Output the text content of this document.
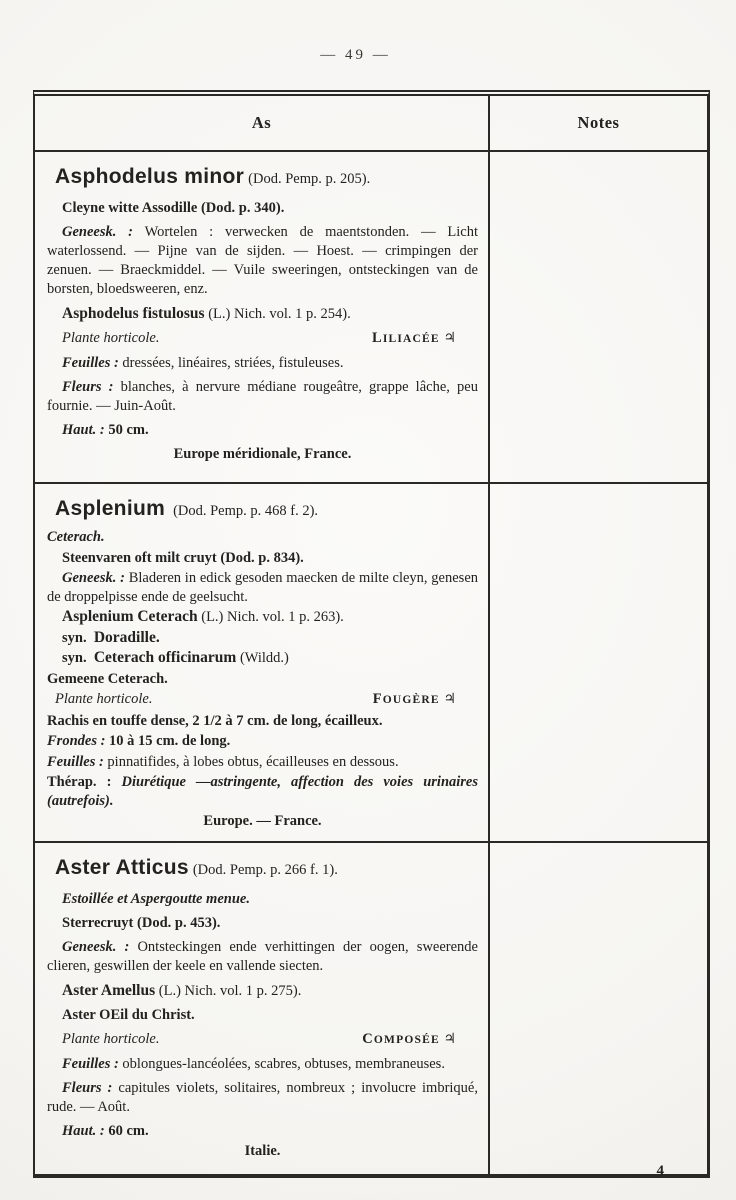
— 49 —
As	Notes

Asphodelus minor (Dod. Pemp. p. 205).

Cleyne witte Assodille (Dod. p. 340).

Geneesk. : Wortelen : verwecken de maentstonden. — Licht waterlossend. — Pijne van de sijden. — Hoest. — crimpingen der zenuen. — Braeckmiddel. — Vuile sweeringen, ontsteckingen van de borsten, bloedsweeren, enz.

Asphodelus fistulosus (L.) Nich. vol. 1 p. 254).

Plante horticole.	LILIACÉE ♃

Feuilles : dressées, linéaires, striées, fistuleuses.

Fleurs : blanches, à nervure médiane rougeâtre, grappe lâche, peu fournie. — Juin-Août.

Haut. : 50 cm.

Europe méridionale, France.

Asplenium (Dod. Pemp. p. 468 f. 2).

Ceterach.

Steenvaren oft milt cruyt (Dod. p. 834).

Geneesk. : Bladeren in edick gesoden maecken de milte cleyn, genesen de droppelpisse ende de geelsucht.

Asplenium Ceterach (L.) Nich. vol. 1 p. 263).

syn. Doradille.

syn. Ceterach officinarum (Wildd.)

Gemeene Ceterach.

Plante horticole.	FOUGÈRE ♃

Rachis en touffe dense, 2 1/2 à 7 cm. de long, écailleux.

Frondes : 10 à 15 cm. de long.

Feuilles : pinnatifides, à lobes obtus, écailleuses en dessous.

Thérap. : Diurétique —astringente, affection des voies urinaires (autrefois).

Europe. — France.

Aster Atticus (Dod. Pemp. p. 266 f. 1).

Estoillée et Aspergoutte menue.

Sterrecruyt (Dod. p. 453).

Geneesk. : Ontsteckingen ende verhittingen der oogen, sweerende clieren, geswillen der keele en vallende siecten.

Aster Amellus (L.) Nich. vol. 1 p. 275).

Aster OEil du Christ.

Plante horticole.	COMPOSÉE ♃

Feuilles : oblongues-lancéolées, scabres, obtuses, membraneuses.

Fleurs : capitules violets, solitaires, nombreux ; involucre imbriqué, rude. — Août.

Haut. : 60 cm.

Italie.

4
